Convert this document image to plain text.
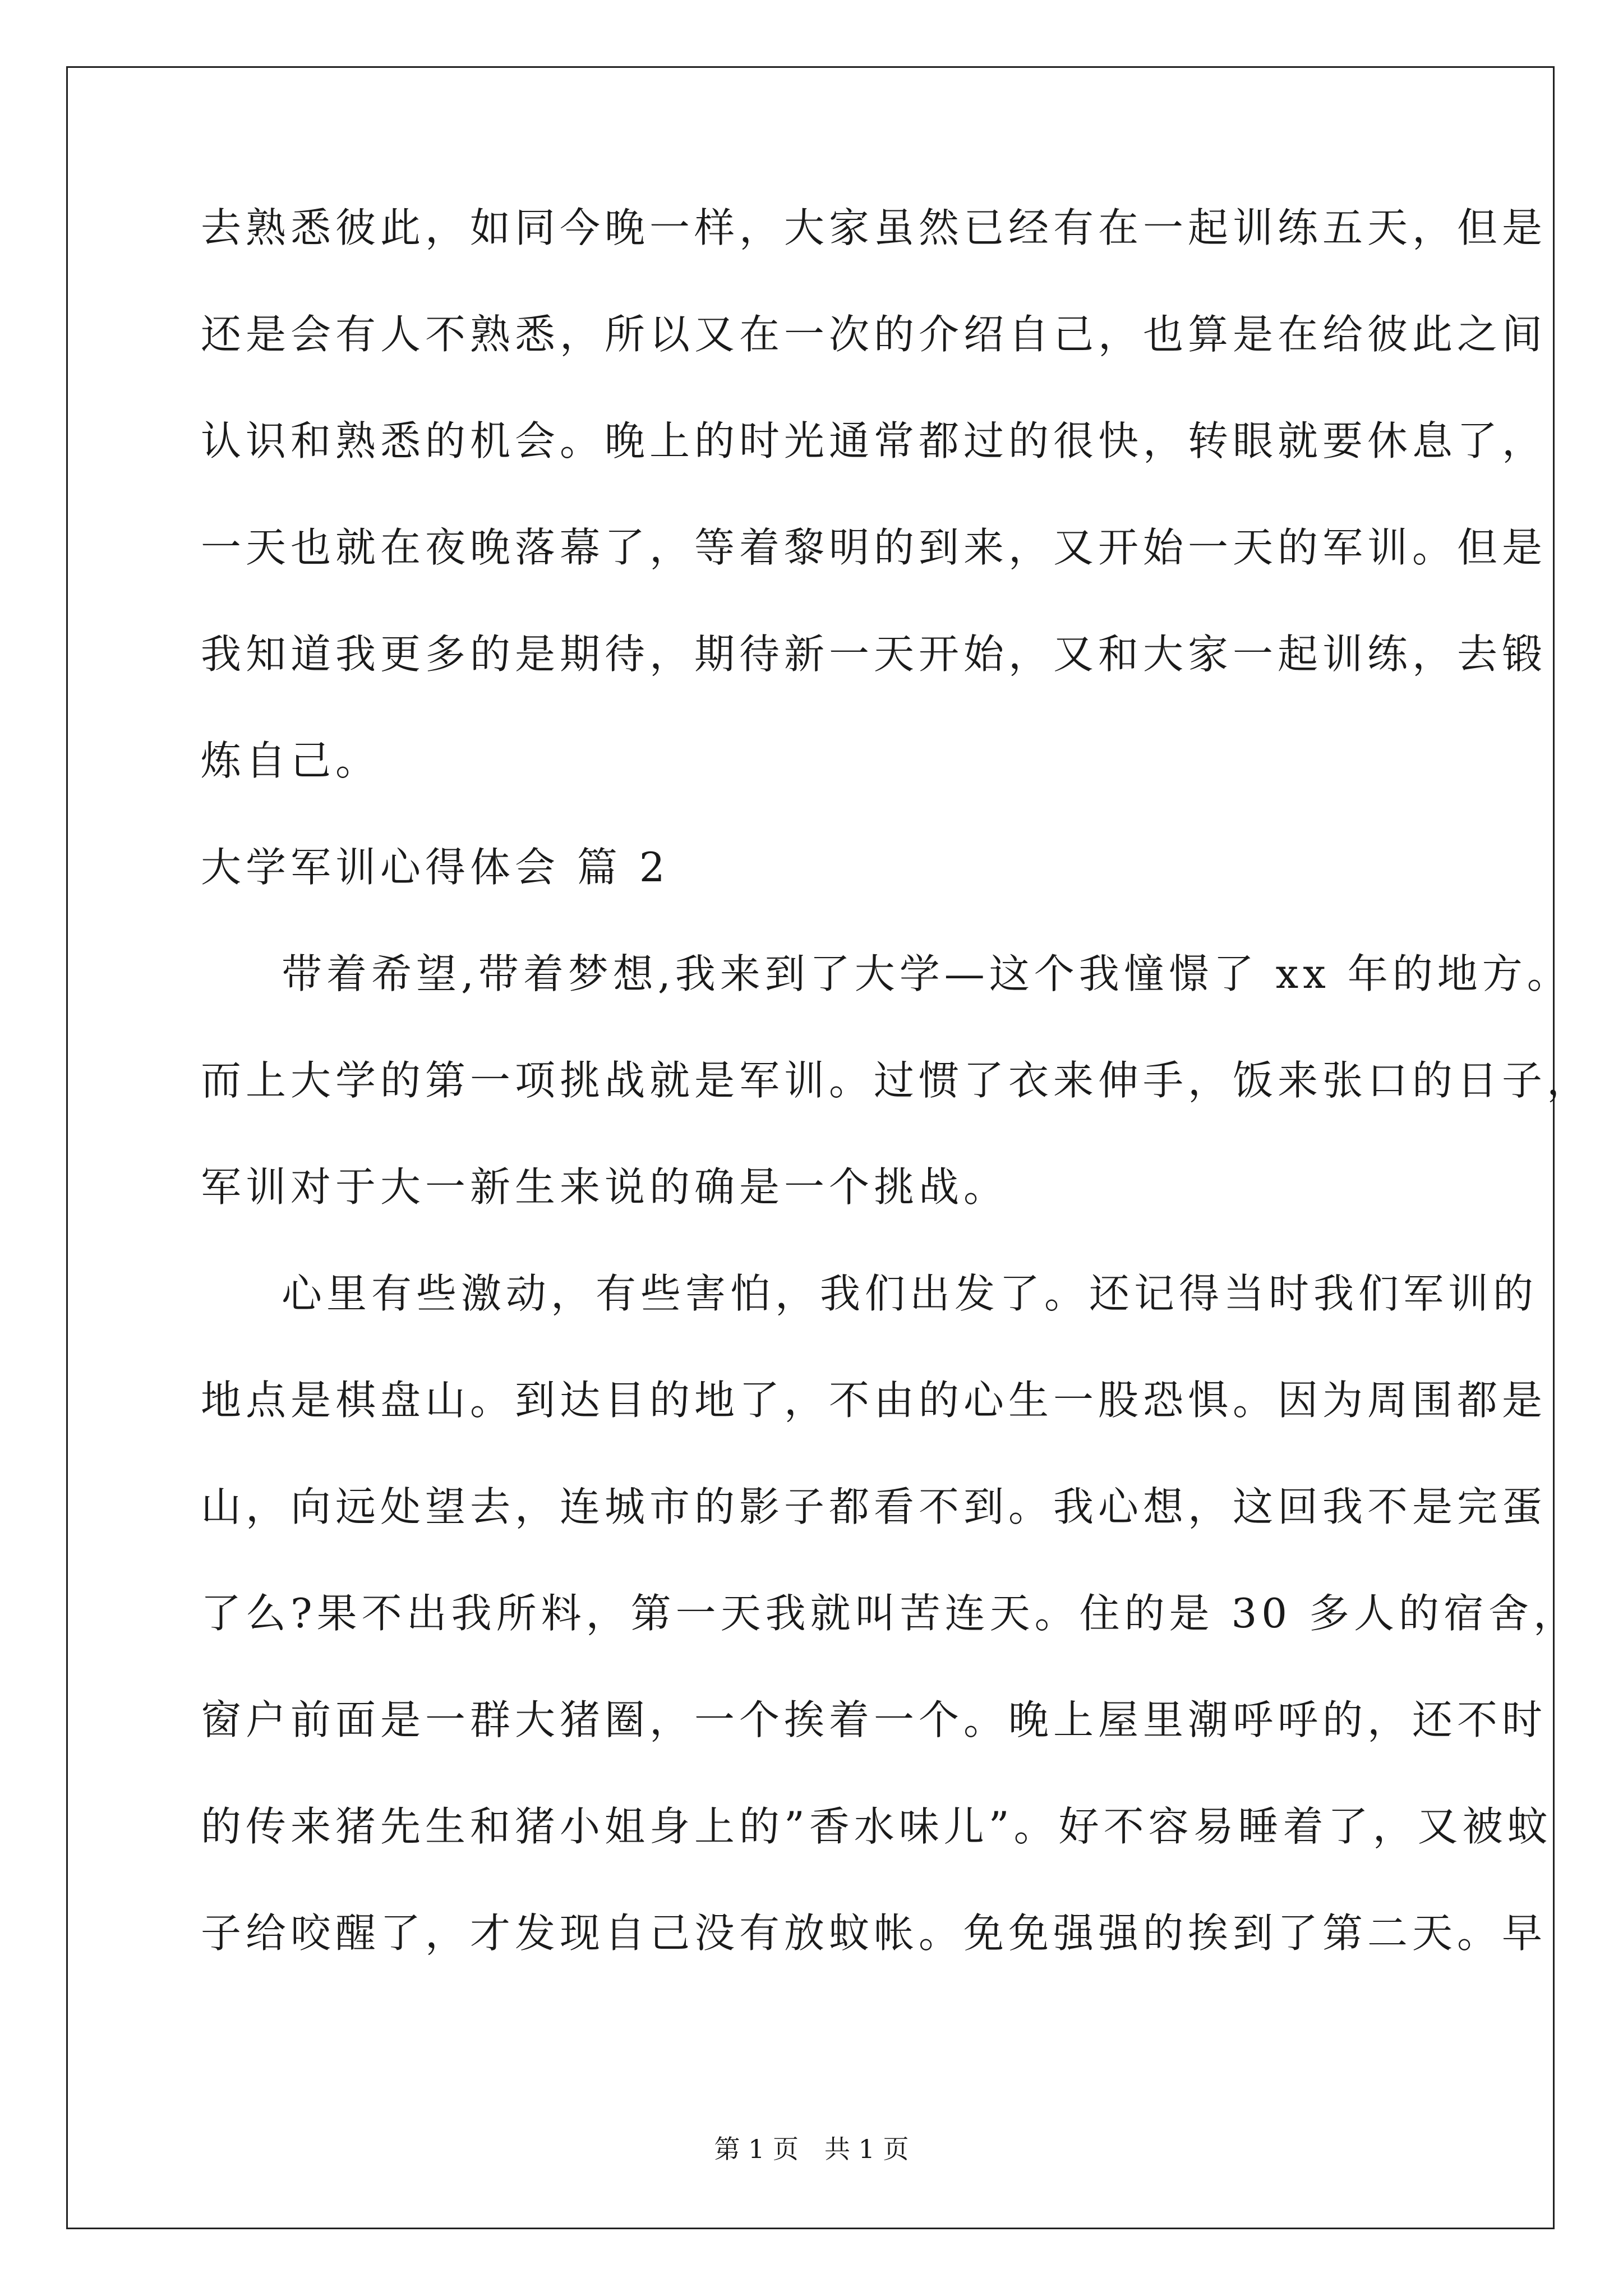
去熟悉彼此，如同今晚一样，大家虽然已经有在一起训练五天，但是
还是会有人不熟悉，所以又在一次的介绍自己，也算是在给彼此之间
认识和熟悉的机会。晚上的时光通常都过的很快，转眼就要休息了，
一天也就在夜晚落幕了，等着黎明的到来，又开始一天的军训。但是
我知道我更多的是期待，期待新一天开始，又和大家一起训练，去锻
炼自己。
大学军训心得体会 篇 2
带着希望,带着梦想,我来到了大学—这个我憧憬了 xx 年的地方。
而上大学的第一项挑战就是军训。过惯了衣来伸手，饭来张口的日子，
军训对于大一新生来说的确是一个挑战。
心里有些激动，有些害怕，我们出发了。还记得当时我们军训的
地点是棋盘山。到达目的地了，不由的心生一股恐惧。因为周围都是
山，向远处望去，连城市的影子都看不到。我心想，这回我不是完蛋
了么?果不出我所料，第一天我就叫苦连天。住的是 30 多人的宿舍，
窗户前面是一群大猪圈，一个挨着一个。晚上屋里潮呼呼的，还不时
的传来猪先生和猪小姐身上的”香水味儿”。好不容易睡着了，又被蚊
子给咬醒了，才发现自己没有放蚊帐。免免强强的挨到了第二天。早
第 1 页　共 1 页
